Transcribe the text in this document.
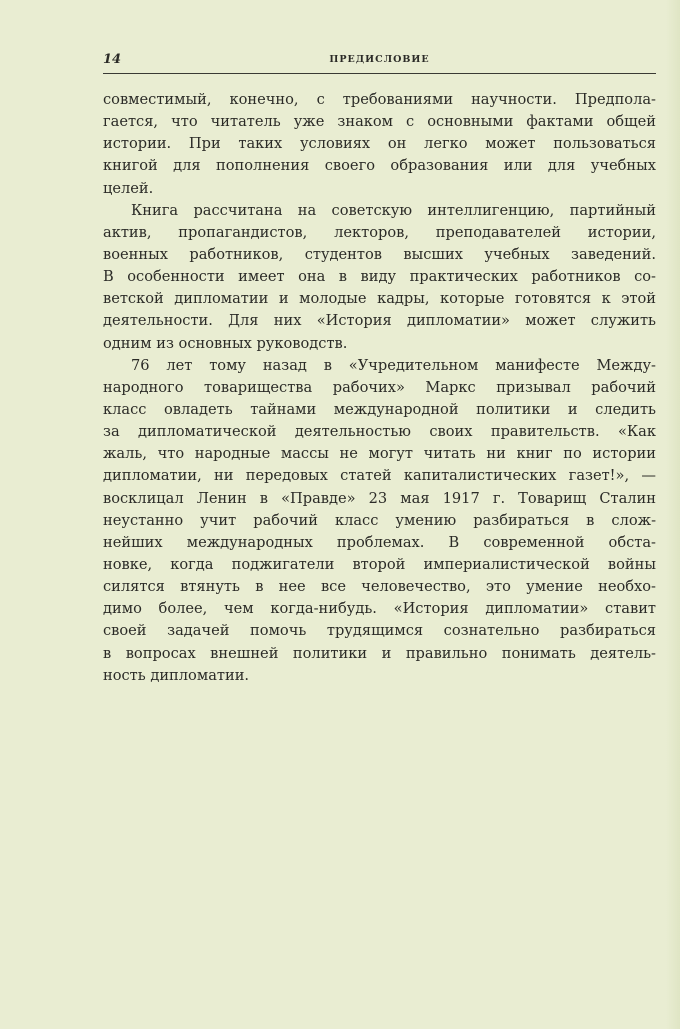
14	ПРЕДИСЛОВИЕ
совместимый, конечно, с требованиями научности. Предпола-
гается, что читатель уже знаком с основными фактами общей
истории. При таких условиях он легко может пользоваться
книгой для пополнения своего образования или для учебных
целей.
Книга рассчитана на советскую интеллигенцию, партийный
актив, пропагандистов, лекторов, преподавателей истории,
военных работников, студентов высших учебных заведений.
В особенности имеет она в виду практических работников со-
ветской дипломатии и молодые кадры, которые готовятся к этой
деятельности. Для них «История дипломатии» может служить
одним из основных руководств.
76 лет тому назад в «Учредительном манифесте Между-
народного товарищества рабочих» Маркс призывал рабочий
класс овладеть тайнами международной политики и следить
за дипломатической деятельностью своих правительств. «Как
жаль, что народные массы не могут читать ни книг по истории
дипломатии, ни передовых статей капиталистических газет!», —
восклицал Ленин в «Правде» 23 мая 1917 г. Товарищ Сталин
неустанно учит рабочий класс умению разбираться в слож-
нейших международных проблемах. В современной обста-
новке, когда поджигатели второй империалистической войны
силятся втянуть в нее все человечество, это умение необхо-
димо более, чем когда-нибудь. «История дипломатии» ставит
своей задачей помочь трудящимся сознательно разбираться
в вопросах внешней политики и правильно понимать деятель-
ность дипломатии.
